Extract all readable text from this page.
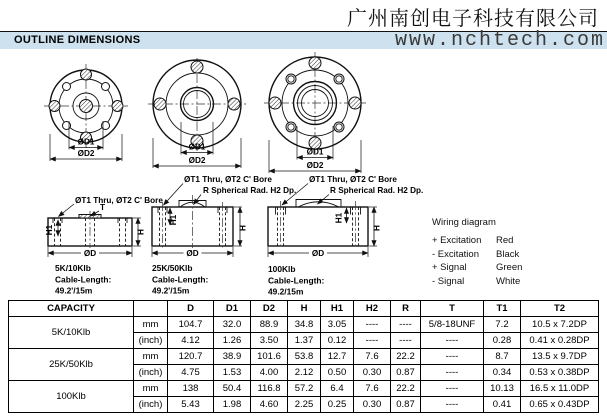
广州南创电子科技有限公司
www.nchtech.com
OUTLINE DIMENSIONS
ØD1
ØD2
ØD1
ØD2
ØD1
ØD2
H1	H
ØD
ØT1 Thru, ØT2 C' Bore
T
5K/10Klb
Cable-Length:
49.2'/15m
H1
H
ØD
ØT1 Thru, ØT2 C' Bore
R Spherical Rad. H2 Dp.
25K/50Klb
Cable-Length:
49.2'/15m
H1
H
ØD
ØT1 Thru, ØT2 C' Bore
R Spherical Rad. H2 Dp.
100Klb
Cable-Length:
49.2/15m
Wiring diagram
+ Excitation	Red
- Excitation	Black
+ Signal	Green
- Signal	White
CAPACITY		D	D1	D2	H	H1	H2	R	T	T1	T2
5K/10Klb	mm	104.7	32.0	88.9	34.8	3.05	----	----	5/8-18UNF	7.2	10.5 x 7.2DP
	(inch)	4.12	1.26	3.50	1.37	0.12	----	----	----	0.28	0.41 x 0.28DP
25K/50Klb	mm	120.7	38.9	101.6	53.8	12.7	7.6	22.2	----	8.7	13.5 x 9.7DP
	(inch)	4.75	1.53	4.00	2.12	0.50	0.30	0.87	----	0.34	0.53 x 0.38DP
100Klb	mm	138	50.4	116.8	57.2	6.4	7.6	22.2	----	10.13	16.5 x 11.0DP
	(inch)	5.43	1.98	4.60	2.25	0.25	0.30	0.87	----	0.41	0.65 x 0.43DP
